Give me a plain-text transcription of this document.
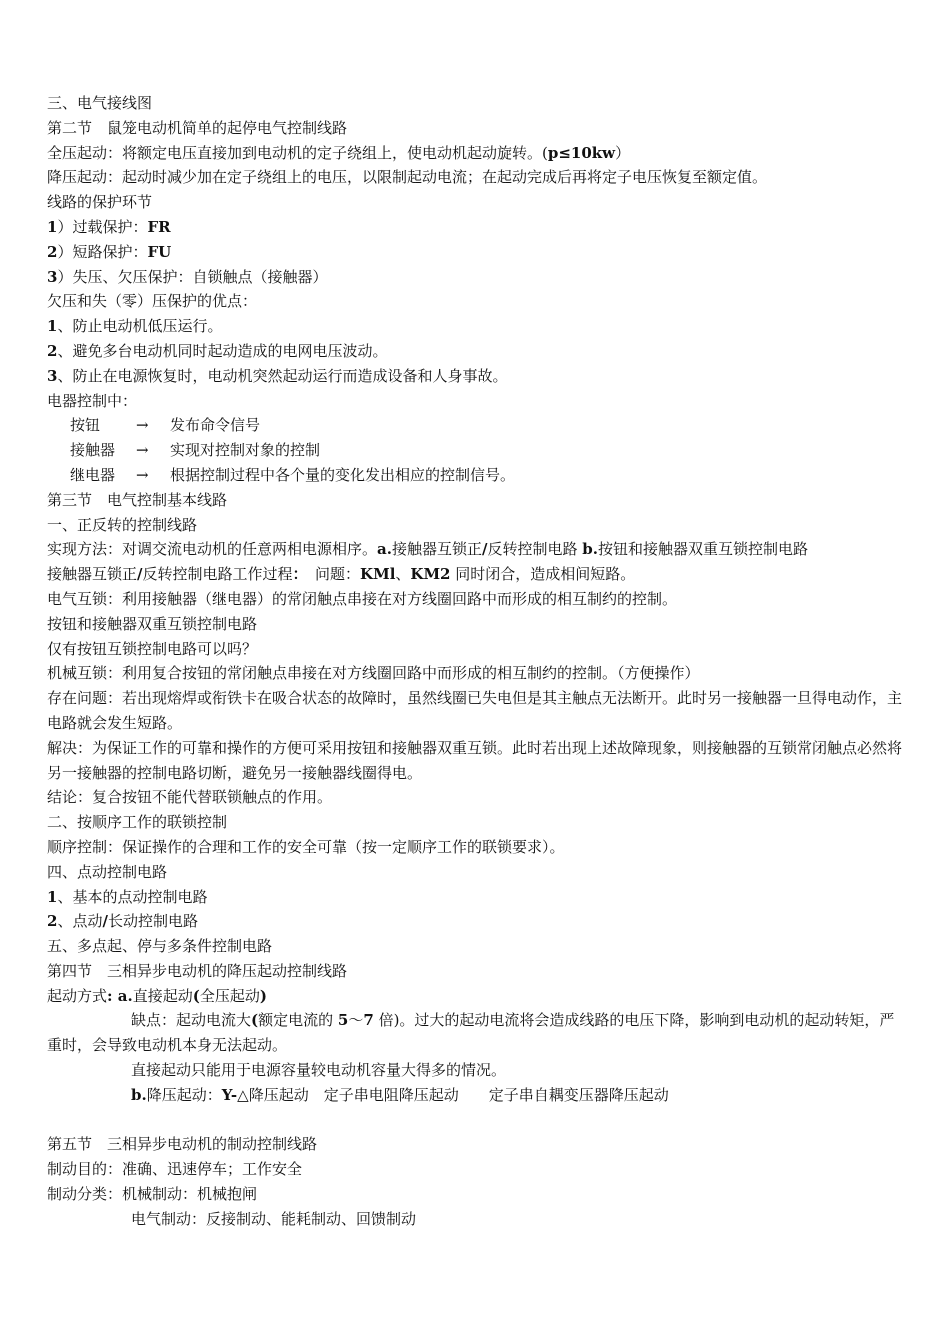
三、电气接线图
第二节　鼠笼电动机简单的起停电气控制线路
全压起动：将额定电压直接加到电动机的定子绕组上，使电动机起动旋转。(p≤10kw）
降压起动：起动时减少加在定子绕组上的电压，以限制起动电流；在起动完成后再将定子电压恢复至额定值。
线路的保护环节
1）过载保护：FR
2）短路保护：FU
3）失压、欠压保护：自锁触点（接触器）
欠压和失（零）压保护的优点：
1、防止电动机低压运行。
2、避免多台电动机同时起动造成的电网电压波动。
3、防止在电源恢复时，电动机突然起动运行而造成设备和人身事故。
电器控制中：
按钮 → 发布命令信号
接触器 → 实现对控制对象的控制
继电器 → 根据控制过程中各个量的变化发出相应的控制信号。
第三节　电气控制基本线路
一、正反转的控制线路
实现方法：对调交流电动机的任意两相电源相序。a.接触器互锁正/反转控制电路 b.按钮和接触器双重互锁控制电路
接触器互锁正/反转控制电路工作过程：　问题：KMl、KM2 同时闭合，造成相间短路。
电气互锁：利用接触器（继电器）的常闭触点串接在对方线圈回路中而形成的相互制约的控制。
按钮和接触器双重互锁控制电路
仅有按钮互锁控制电路可以吗？
机械互锁：利用复合按钮的常闭触点串接在对方线圈回路中而形成的相互制约的控制。（方便操作）
存在问题：若出现熔焊或衔铁卡在吸合状态的故障时，虽然线圈已失电但是其主触点无法断开。此时另一接触器一旦得电动作，主电路就会发生短路。
解决：为保证工作的可靠和操作的方便可采用按钮和接触器双重互锁。此时若出现上述故障现象，则接触器的互锁常闭触点必然将另一接触器的控制电路切断，避免另一接触器线圈得电。
结论：复合按钮不能代替联锁触点的作用。
二、按顺序工作的联锁控制
顺序控制：保证操作的合理和工作的安全可靠（按一定顺序工作的联锁要求）。
四、点动控制电路
1、基本的点动控制电路
2、点动/长动控制电路
五、多点起、停与多条件控制电路
第四节　三相异步电动机的降压起动控制线路
起动方式: a.直接起动(全压起动)
缺点：起动电流大(额定电流的 5～7 倍)。过大的起动电流将会造成线路的电压下降，影响到电动机的起动转矩，严重时，会导致电动机本身无法起动。
直接起动只能用于电源容量较电动机容量大得多的情况。
b.降压起动：Y-△降压起动　定子串电阻降压起动　　定子串自耦变压器降压起动
第五节　三相异步电动机的制动控制线路
制动目的：准确、迅速停车；工作安全
制动分类：机械制动：机械抱闸
电气制动：反接制动、能耗制动、回馈制动
